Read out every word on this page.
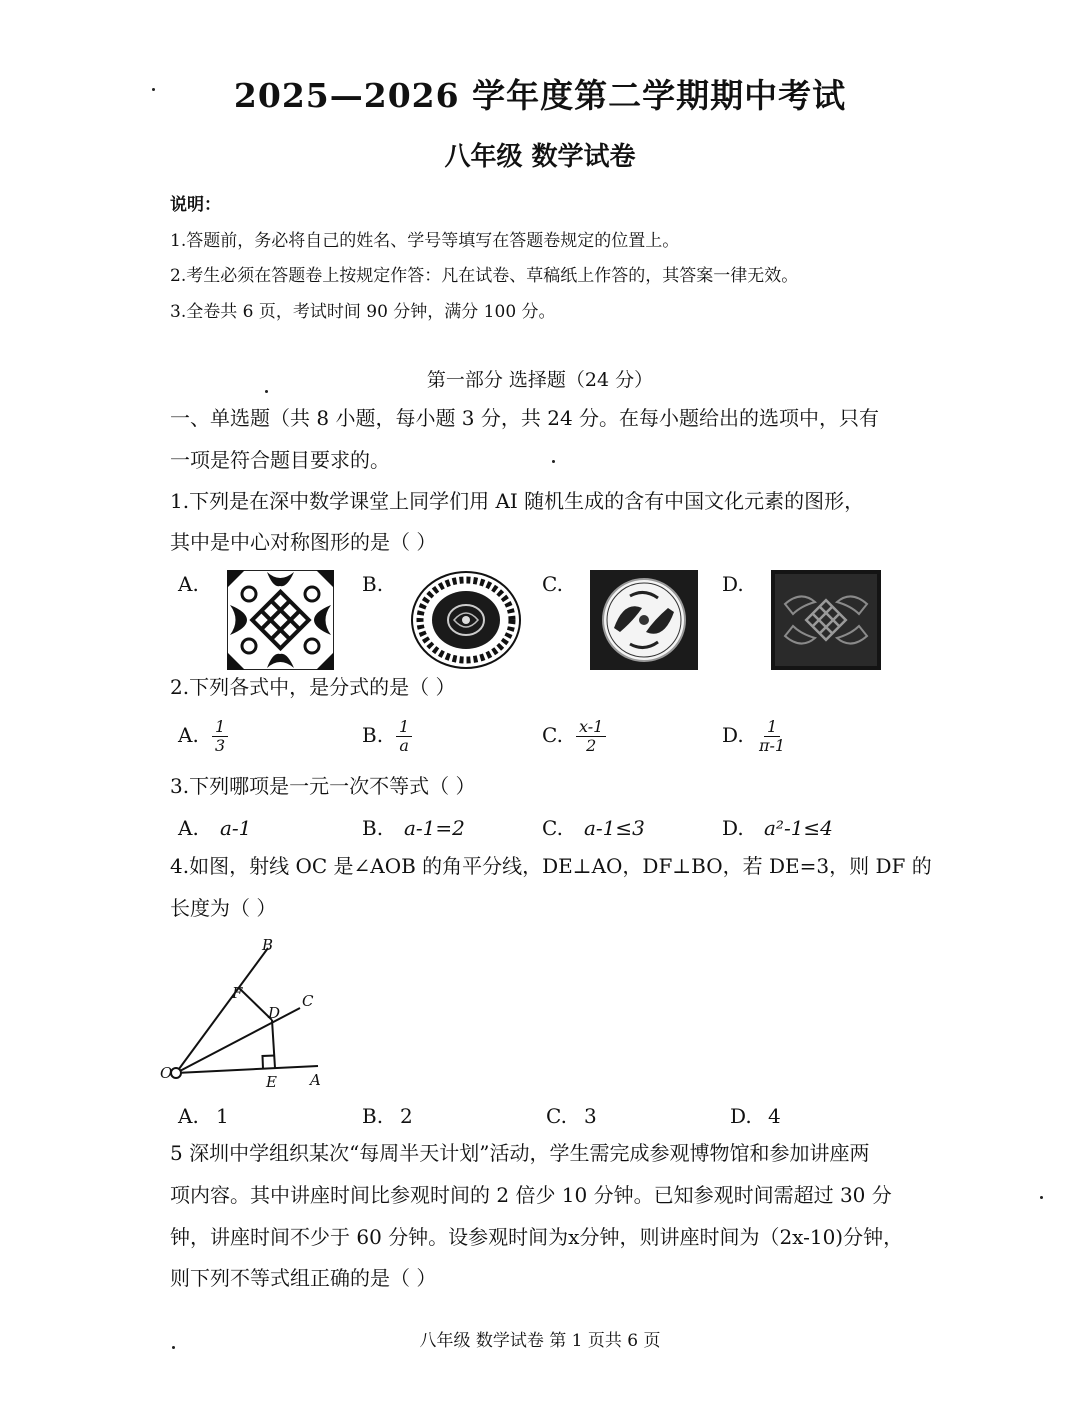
2025—2026 学年度第二学期期中考试
八年级 数学试卷
说明：
1.答题前，务必将自己的姓名、学号等填写在答题卷规定的位置上。
2.考生必须在答题卷上按规定作答：凡在试卷、草稿纸上作答的，其答案一律无效。
3.全卷共 6 页，考试时间 90 分钟，满分 100 分。
第一部分 选择题（24 分）
一、单选题（共 8 小题，每小题 3 分，共 24 分。在每小题给出的选项中，只有
一项是符合题目要求的。
1.下列是在深中数学课堂上同学们用 AI 随机生成的含有中国文化元素的图形，
其中是中心对称图形的是（ ）
A.	B.	C.	D.
2.下列各式中，是分式的是（ ）
A. $\frac{1}{3}$	B. $\frac{1}{a}$	C. $\frac{x-1}{2}$	D. $\frac{1}{\pi-1}$
3.下列哪项是一元一次不等式（ ）
A. a-1	B. a-1=2	C. a-1≤3	D. a²-1≤4
4.如图，射线 OC 是∠AOB 的角平分线，DE⊥AO，DF⊥BO，若 DE=3，则 DF 的
长度为（ ）
B
F
D
C
O	E A
A. 1	B. 2	C. 3	D. 4
5 深圳中学组织某次“每周半天计划”活动，学生需完成参观博物馆和参加讲座两
项内容。其中讲座时间比参观时间的 2 倍少 10 分钟。已知参观时间需超过 30 分
钟，讲座时间不少于 60 分钟。设参观时间为x分钟，则讲座时间为（2x-10)分钟，
则下列不等式组正确的是（ ）
八年级 数学试卷 第 1 页共 6 页
